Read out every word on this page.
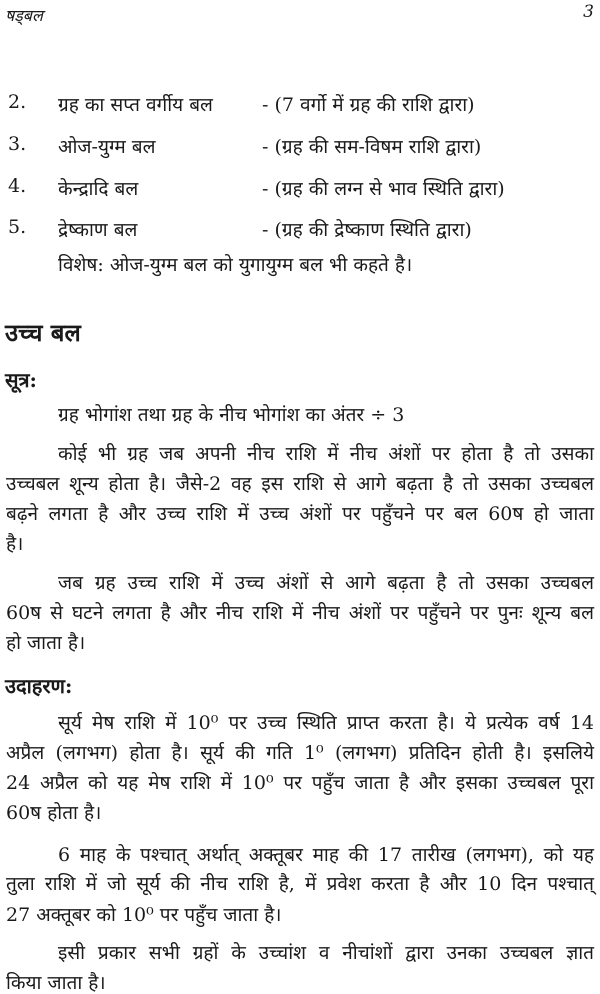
षड्बल	3
2. ग्रह का सप्त वर्गीय बल	- (7 वर्गो में ग्रह की राशि द्वारा)
3. ओज-युग्म बल	- (ग्रह की सम-विषम राशि द्वारा)
4. केन्द्रादि बल	- (ग्रह की लग्न से भाव स्थिति द्वारा)
5. द्रेष्काण बल	- (ग्रह की द्रेष्काण स्थिति द्वारा)
विशेष: ओज-युग्म बल को युगायुग्म बल भी कहते है।
उच्च बल
सूत्र:
ग्रह भोगांश तथा ग्रह के नीच भोगांश का अंतर ÷ 3
कोई भी ग्रह जब अपनी नीच राशि में नीच अंशों पर होता है तो उसका
उच्चबल शून्य होता है। जैसे-2 वह इस राशि से आगे बढ़ता है तो उसका उच्चबल
बढ़ने लगता है और उच्च राशि में उच्च अंशों पर पहुँचने पर बल 60ष हो जाता
है।
जब ग्रह उच्च राशि में उच्च अंशों से आगे बढ़ता है तो उसका उच्चबल
60ष से घटने लगता है और नीच राशि में नीच अंशों पर पहुँचने पर पुनः शून्य बल
हो जाता है।
उदाहरण:
सूर्य मेष राशि में 10⁰ पर उच्च स्थिति प्राप्त करता है। ये प्रत्येक वर्ष 14
अप्रैल (लगभग) होता है। सूर्य की गति 1⁰ (लगभग) प्रतिदिन होती है। इसलिये
24 अप्रैल को यह मेष राशि में 10⁰ पर पहुँच जाता है और इसका उच्चबल पूरा
60ष होता है।
6 माह के पश्चात् अर्थात् अक्तूबर माह की 17 तारीख (लगभग), को यह
तुला राशि में जो सूर्य की नीच राशि है, में प्रवेश करता है और 10 दिन पश्चात्
27 अक्तूबर को 10⁰ पर पहुँच जाता है।
इसी प्रकार सभी ग्रहों के उच्चांश व नीचांशों द्वारा उनका उच्चबल ज्ञात
किया जाता है।
